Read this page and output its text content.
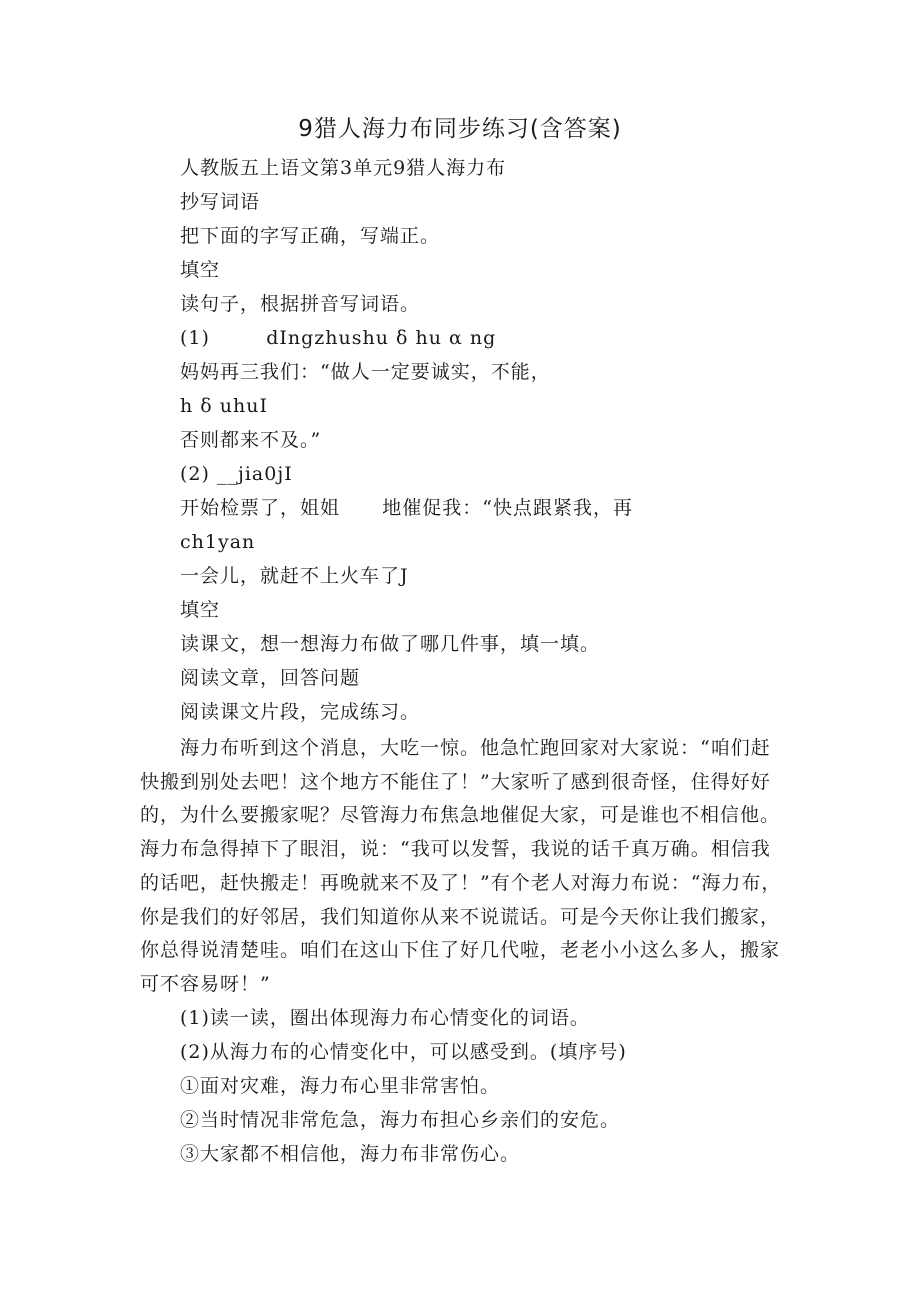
9猎人海力布同步练习(含答案)
人教版五上语文第3单元9猎人海力布
抄写词语
把下面的字写正确，写端正。
填空
读句子，根据拼音写词语。
(1)        dIngzhushu δ hu α ng
妈妈再三我们：“做人一定要诚实，不能，
h δ uhuI
否则都来不及。”
(2) __jia0jI
开始检票了，姐姐      地催促我：“快点跟紧我，再
ch1yan
一会儿，就赶不上火车了J
填空
读课文，想一想海力布做了哪几件事，填一填。
阅读文章，回答问题
阅读课文片段，完成练习。
海力布听到这个消息，大吃一惊。他急忙跑回家对大家说：“咱们赶
快搬到别处去吧！这个地方不能住了！”大家听了感到很奇怪，住得好好
的，为什么要搬家呢？尽管海力布焦急地催促大家，可是谁也不相信他。
海力布急得掉下了眼泪，说：“我可以发誓，我说的话千真万确。相信我
的话吧，赶快搬走！再晚就来不及了！”有个老人对海力布说：“海力布，
你是我们的好邻居，我们知道你从来不说谎话。可是今天你让我们搬家，
你总得说清楚哇。咱们在这山下住了好几代啦，老老小小这么多人，搬家
可不容易呀！”
(1)读一读，圈出体现海力布心情变化的词语。
(2)从海力布的心情变化中，可以感受到。(填序号)
①面对灾难，海力布心里非常害怕。
②当时情况非常危急，海力布担心乡亲们的安危。
③大家都不相信他，海力布非常伤心。
